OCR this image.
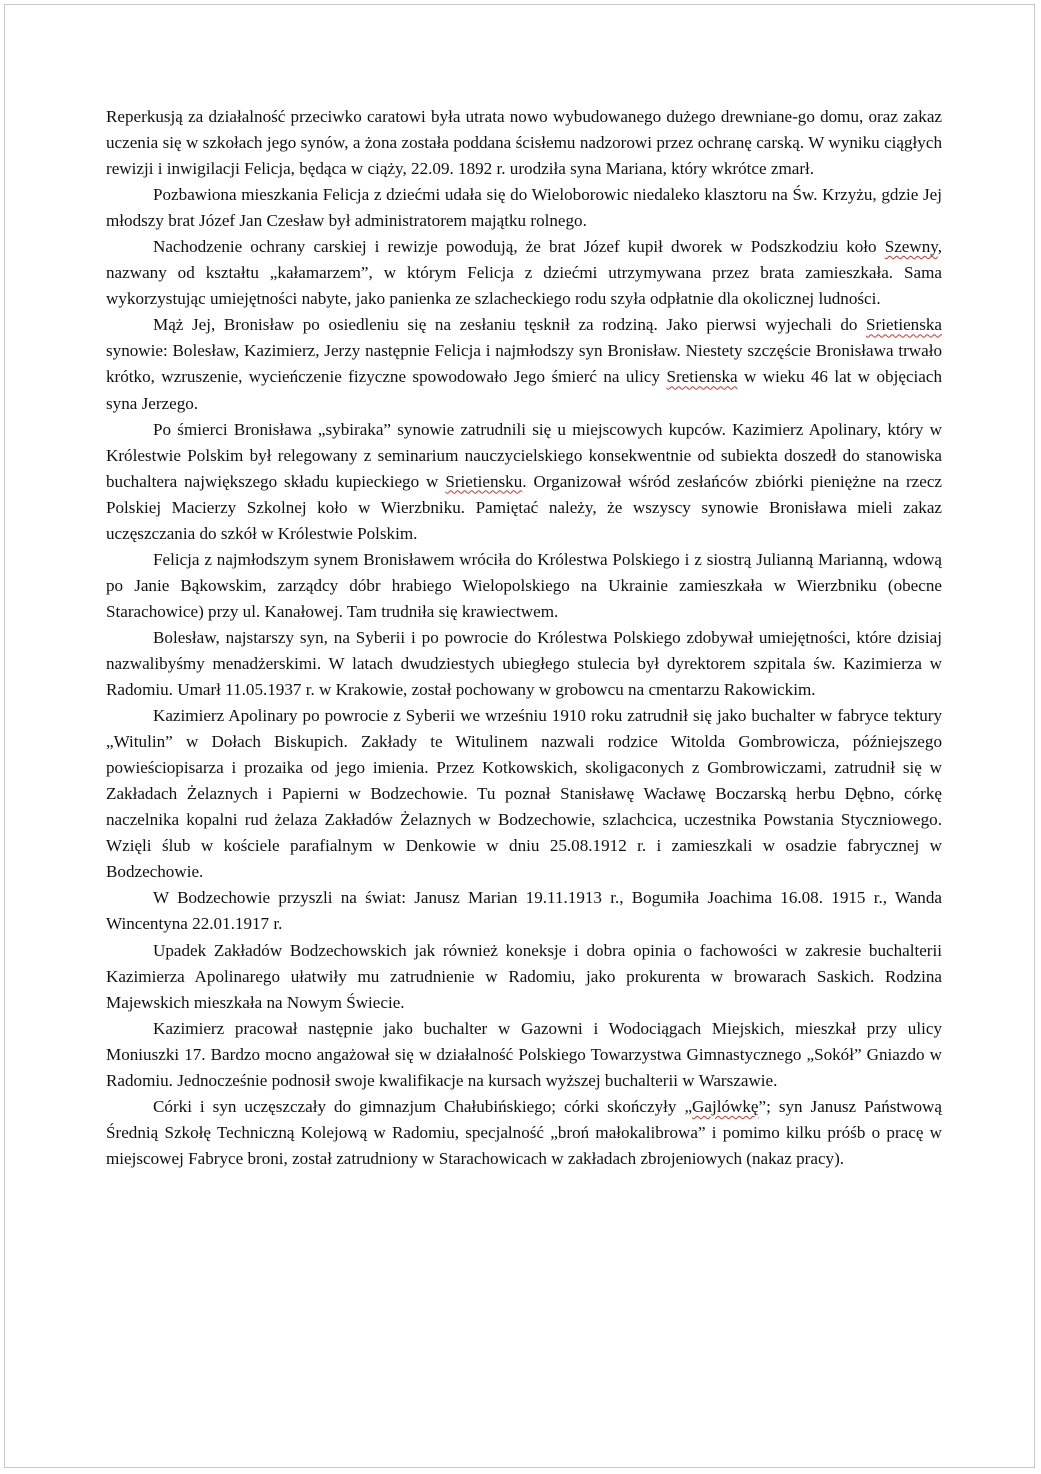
Reperkusją za działalność przeciwko caratowi była utrata nowo wybudowanego dużego drewniane-go domu, oraz zakaz uczenia się w szkołach jego synów, a żona została poddana ścisłemu nadzorowi przez ochranę carską. W wyniku ciągłych rewizji i inwigilacji Felicja, będąca w ciąży, 22.09. 1892 r. urodziła syna Mariana, który wkrótce zmarł.

Pozbawiona mieszkania Felicja z dziećmi udała się do Wieloborowic niedaleko klasztoru na Św. Krzyżu, gdzie Jej młodszy brat Józef Jan Czesław był administratorem majątku rolnego.

Nachodzenie ochrany carskiej i rewizje powodują, że brat Józef kupił dworek w Podszkodziu koło Szewny, nazwany od kształtu „kałamarzem”, w którym Felicja z dziećmi utrzymywana przez brata zamieszkała. Sama wykorzystując umiejętności nabyte, jako panienka ze szlacheckiego rodu szyła odpłatnie dla okolicznej ludności.

Mąż Jej, Bronisław po osiedleniu się na zesłaniu tęsknił za rodziną. Jako pierwsi wyjechali do Srietienska synowie: Bolesław, Kazimierz, Jerzy następnie Felicja i najmłodszy syn Bronisław. Niestety szczęście Bronisława trwało krótko, wzruszenie, wycieńczenie fizyczne spowodowało Jego śmierć na ulicy Sretienska w wieku 46 lat w objęciach syna Jerzego.

Po śmierci Bronisława „sybiraka” synowie zatrudnili się u miejscowych kupców. Kazimierz Apolinary, który w Królestwie Polskim był relegowany z seminarium nauczycielskiego konsekwentnie od subiekta doszedł do stanowiska buchaltera największego składu kupieckiego w Srietiensku. Organizował wśród zesłańców zbiórki pieniężne na rzecz Polskiej Macierzy Szkolnej koło w Wierzbniku. Pamiętać należy, że wszyscy synowie Bronisława mieli zakaz uczęszczania do szkół w Królestwie Polskim.

Felicja z najmłodszym synem Bronisławem wróciła do Królestwa Polskiego i z siostrą Julianną Marianną, wdową po Janie Bąkowskim, zarządcy dóbr hrabiego Wielopolskiego na Ukrainie zamieszkała w Wierzbniku (obecne Starachowice) przy ul. Kanałowej. Tam trudniła się krawiectwem.

Bolesław, najstarszy syn, na Syberii i po powrocie do Królestwa Polskiego zdobywał umiejętności, które dzisiaj nazwalibyśmy menadżerskimi. W latach dwudziestych ubiegłego stulecia był dyrektorem szpitala św. Kazimierza w Radomiu. Umarł 11.05.1937 r. w Krakowie, został pochowany w grobowcu na cmentarzu Rakowickim.

Kazimierz Apolinary po powrocie z Syberii we wrześniu 1910 roku zatrudnił się jako buchalter w fabryce tektury „Witulin” w Dołach Biskupich. Zakłady te Witulinem nazwali rodzice Witolda Gombrowicza, późniejszego powieściopisarza i prozaika od jego imienia. Przez Kotkowskich, skoligaconych z Gombrowiczami, zatrudnił się w Zakładach Żelaznych i Papierni w Bodzechowie. Tu poznał Stanisławę Wacławę Boczarską herbu Dębno, córkę naczelnika kopalni rud żelaza Zakładów Żelaznych w Bodzechowie, szlachcica, uczestnika Powstania Styczniowego. Wzięli ślub w kościele parafialnym w Denkowie w dniu 25.08.1912 r. i zamieszkali w osadzie fabrycznej w Bodzechowie.

W Bodzechowie przyszli na świat: Janusz Marian 19.11.1913 r., Bogumiła Joachima 16.08. 1915 r., Wanda Wincentyna 22.01.1917 r.

Upadek Zakładów Bodzechowskich jak również koneksje i dobra opinia o fachowości w zakresie buchalterii Kazimierza Apolinarego ułatwiły mu zatrudnienie w Radomiu, jako prokurenta w browarach Saskich. Rodzina Majewskich mieszkała na Nowym Świecie.

Kazimierz pracował następnie jako buchalter w Gazowni i Wodociągach Miejskich, mieszkał przy ulicy Moniuszki 17. Bardzo mocno angażował się w działalność Polskiego Towarzystwa Gimnastycznego „Sokół” Gniazdo w Radomiu. Jednocześnie podnosił swoje kwalifikacje na kursach wyższej buchalterii w Warszawie.

Córki i syn uczęszczały do gimnazjum Chałubińskiego; córki skończyły „Gajlówkę”; syn Janusz Państwową Średnią Szkołę Techniczną Kolejową w Radomiu, specjalność „broń małokalibrowa” i pomimo kilku próśb o pracę w miejscowej Fabryce broni, został zatrudniony w Starachowicach w zakładach zbrojeniowych (nakaz pracy).
